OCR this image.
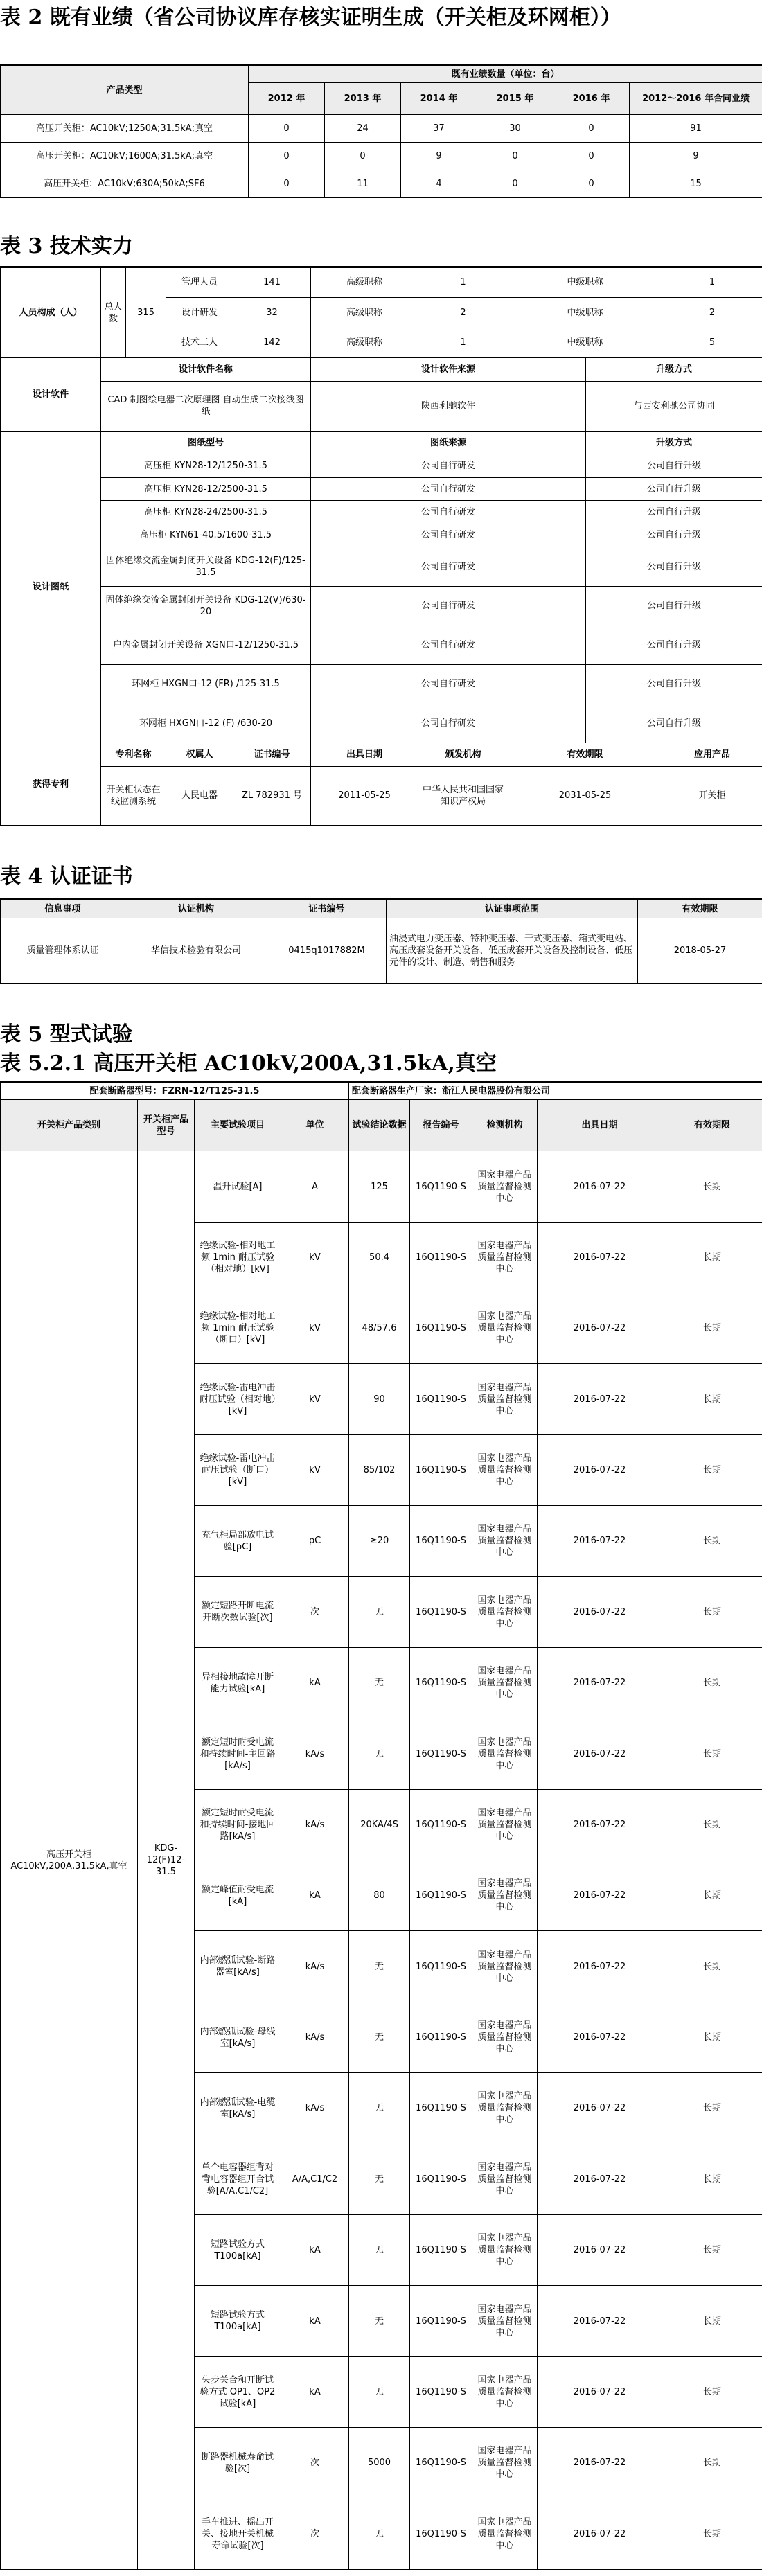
表 2 既有业绩（省公司协议库存核实证明生成（开关柜及环网柜））
产品类型	既有业绩数量（单位：台）					
	2012 年	2013 年	2014 年	2015 年	2016 年	2012～2016 年合同业绩
高压开关柜：AC10kV;1250A;31.5kA;真空	0	24	37	30	0	91
高压开关柜：AC10kV;1600A;31.5kA;真空	0	0	9	0	0	9
高压开关柜：AC10kV;630A;50kA;SF6	0	11	4	0	0	15
表 3 技术实力
人员构成（人）	总人数	315	管理人员	141	高级职称	1	中级职称		1
			设计研发	32	高级职称	2	中级职称		2
			技术工人	142	高级职称	1	中级职称		5
设计软件	设计软件名称				设计软件来源			升级方式	
	CAD 制图绘电器二次原理图 自动生成二次接线图纸				陕西利驰软件			与西安利驰公司协同	
设计图纸	图纸型号				图纸来源			升级方式	
	高压柜 KYN28-12/1250-31.5				公司自行研发			公司自行升级	
	高压柜 KYN28-12/2500-31.5				公司自行研发			公司自行升级	
	高压柜 KYN28-24/2500-31.5				公司自行研发			公司自行升级	
	高压柜 KYN61-40.5/1600-31.5				公司自行研发			公司自行升级	
	固体绝缘交流金属封闭开关设备 KDG-12(F)/125-31.5				公司自行研发			公司自行升级	
	固体绝缘交流金属封闭开关设备 KDG-12(V)/630-20				公司自行研发			公司自行升级	
	户内金属封闭开关设备 XGN口-12/1250-31.5				公司自行研发			公司自行升级	
	环网柜 HXGN口-12 (FR) /125-31.5				公司自行研发			公司自行升级	
	环网柜 HXGN口-12 (F) /630-20				公司自行研发			公司自行升级	
获得专利	专利名称		权属人	证书编号	出具日期	颁发机构	有效期限		应用产品
	开关柜状态在线监测系统		人民电器	ZL 782931 号	2011-05-25	中华人民共和国国家知识产权局	2031-05-25		开关柜
表 4 认证证书
信息事项	认证机构	证书编号	认证事项范围	有效期限
质量管理体系认证	华信技术检验有限公司	0415q1017882M	油浸式电力变压器、特种变压器、干式变压器、箱式变电站、高压成套设备开关设备、低压成套开关设备及控制设备、低压元件的设计、制造、销售和服务	2018-05-27
表 5 型式试验
表 5.2.1 高压开关柜 AC10kV,200A,31.5kA,真空
配套断路器型号：FZRN-12/T125-31.5				配套断路器生产厂家：浙江人民电器股份有限公司				
开关柜产品类别	开关柜产品型号	主要试验项目	单位	试验结论数据	报告编号	检测机构	出具日期	有效期限
高压开关柜 AC10kV,200A,31.5kA,真空	KDG-12(F)12-31.5	温升试验[A]	A	125	16Q1190-S	国家电器产品质量监督检测中心	2016-07-22	长期
		绝缘试验-相对地工频 1min 耐压试验（相对地）[kV]	kV	50.4	16Q1190-S	国家电器产品质量监督检测中心	2016-07-22	长期
		绝缘试验-相对地工频 1min 耐压试验（断口）[kV]	kV	48/57.6	16Q1190-S	国家电器产品质量监督检测中心	2016-07-22	长期
		绝缘试验-雷电冲击耐压试验（相对地）[kV]	kV	90	16Q1190-S	国家电器产品质量监督检测中心	2016-07-22	长期
		绝缘试验-雷电冲击耐压试验（断口）[kV]	kV	85/102	16Q1190-S	国家电器产品质量监督检测中心	2016-07-22	长期
		充气柜局部放电试验[pC]	pC	≥20	16Q1190-S	国家电器产品质量监督检测中心	2016-07-22	长期
		额定短路开断电流开断次数试验[次]	次	无	16Q1190-S	国家电器产品质量监督检测中心	2016-07-22	长期
		异相接地故障开断能力试验[kA]	kA	无	16Q1190-S	国家电器产品质量监督检测中心	2016-07-22	长期
		额定短时耐受电流和持续时间-主回路[kA/s]	kA/s	无	16Q1190-S	国家电器产品质量监督检测中心	2016-07-22	长期
		额定短时耐受电流和持续时间-接地回路[kA/s]	kA/s	20KA/4S	16Q1190-S	国家电器产品质量监督检测中心	2016-07-22	长期
		额定峰值耐受电流[kA]	kA	80	16Q1190-S	国家电器产品质量监督检测中心	2016-07-22	长期
		内部燃弧试验-断路器室[kA/s]	kA/s	无	16Q1190-S	国家电器产品质量监督检测中心	2016-07-22	长期
		内部燃弧试验-母线室[kA/s]	kA/s	无	16Q1190-S	国家电器产品质量监督检测中心	2016-07-22	长期
		内部燃弧试验-电缆室[kA/s]	kA/s	无	16Q1190-S	国家电器产品质量监督检测中心	2016-07-22	长期
		单个电容器组背对背电容器组开合试验[A/A,C1/C2]	A/A,C1/C2	无	16Q1190-S	国家电器产品质量监督检测中心	2016-07-22	长期
		短路试验方式 T100a[kA]	kA	无	16Q1190-S	国家电器产品质量监督检测中心	2016-07-22	长期
		短路试验方式 T100a[kA]	kA	无	16Q1190-S	国家电器产品质量监督检测中心	2016-07-22	长期
		失步关合和开断试验方式 OP1、OP2 试验[kA]	kA	无	16Q1190-S	国家电器产品质量监督检测中心	2016-07-22	长期
		断路器机械寿命试验[次]	次	5000	16Q1190-S	国家电器产品质量监督检测中心	2016-07-22	长期
		手车推进、摇出开关、接地开关机械寿命试验[次]	次	无	16Q1190-S	国家电器产品质量监督检测中心	2016-07-22	长期
